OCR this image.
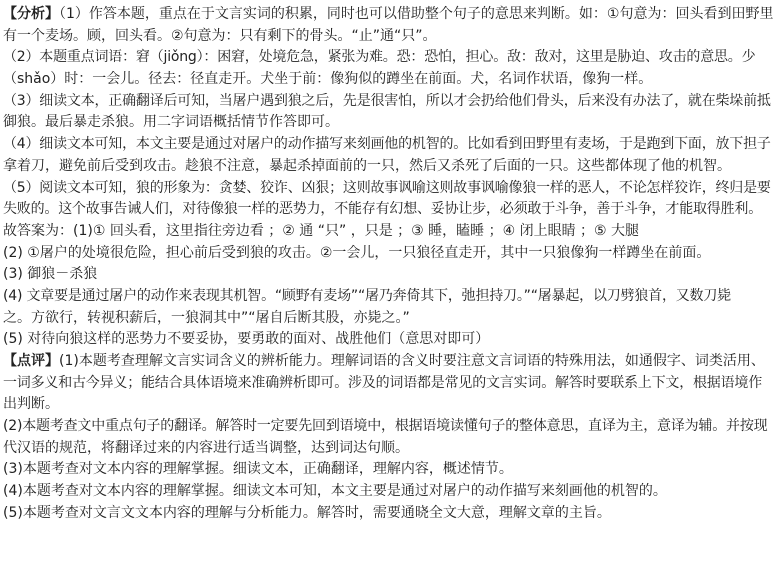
【分析】（1）作答本题，重点在于文言实词的积累，同时也可以借助整个句子的意思来判断。如：①句意为：回头看到田野里
有一个麦场。顾，回头看。②句意为：只有剩下的骨头。“止”通“只”。
（2）本题重点词语：窘（jiǒng）：困窘，处境危急，紧张为难。恐：恐怕，担心。敌：敌对，这里是胁迫、攻击的意思。少
（shǎo）时：一会儿。径去：径直走开。犬坐于前：像狗似的蹲坐在前面。犬，名词作状语，像狗一样。
（3）细读文本，正确翻译后可知，当屠户遇到狼之后，先是很害怕，所以才会扔给他们骨头，后来没有办法了，就在柴垛前抵
御狼。最后暴走杀狼。用二字词语概括情节作答即可。
（4）细读文本可知，本文主要是通过对屠户的动作描写来刻画他的机智的。比如看到田野里有麦场，于是跑到下面，放下担子
拿着刀，避免前后受到攻击。趁狼不注意，暴起杀掉面前的一只，然后又杀死了后面的一只。这些都体现了他的机智。
（5）阅读文本可知，狼的形象为：贪婪、狡诈、凶狠；这则故事讽喻这则故事讽喻像狼一样的恶人，不论怎样狡诈，终归是要
失败的。这个故事告诫人们，对待像狼一样的恶势力，不能存有幻想、妥协让步，必须敢于斗争，善于斗争，才能取得胜利。
故答案为：(1)① 回头看，这里指往旁边看 ；② 通 “只” ，只是 ；③ 睡，瞌睡 ；④ 闭上眼睛 ；⑤ 大腿
(2) ①屠户的处境很危险，担心前后受到狼的攻击。②一会儿，一只狼径直走开，其中一只狼像狗一样蹲坐在前面。
(3) 御狼－杀狼
(4) 文章要是通过屠户的动作来表现其机智。“顾野有麦场”“屠乃奔倚其下，弛担持刀。”“屠暴起，以刀劈狼首，又数刀毙
之。方欲行，转视积薪后，一狼洞其中”“屠自后断其股，亦毙之。”
(5) 对待向狼这样的恶势力不要妥协，要勇敢的面对、战胜他们（意思对即可）
【点评】(1)本题考查理解文言实词含义的辨析能力。理解词语的含义时要注意文言词语的特殊用法，如通假字、词类活用、
一词多义和古今异义；能结合具体语境来准确辨析即可。涉及的词语都是常见的文言实词。解答时要联系上下文，根据语境作
出判断。
(2)本题考查文中重点句子的翻译。解答时一定要先回到语境中，根据语境读懂句子的整体意思，直译为主，意译为辅。并按现
代汉语的规范，将翻译过来的内容进行适当调整，达到词达句顺。
(3)本题考查对文本内容的理解掌握。细读文本，正确翻译，理解内容，概述情节。
(4)本题考查对文本内容的理解掌握。细读文本可知，本文主要是通过对屠户的动作描写来刻画他的机智的。
(5)本题考查对文言文文本内容的理解与分析能力。解答时，需要通晓全文大意，理解文章的主旨。
